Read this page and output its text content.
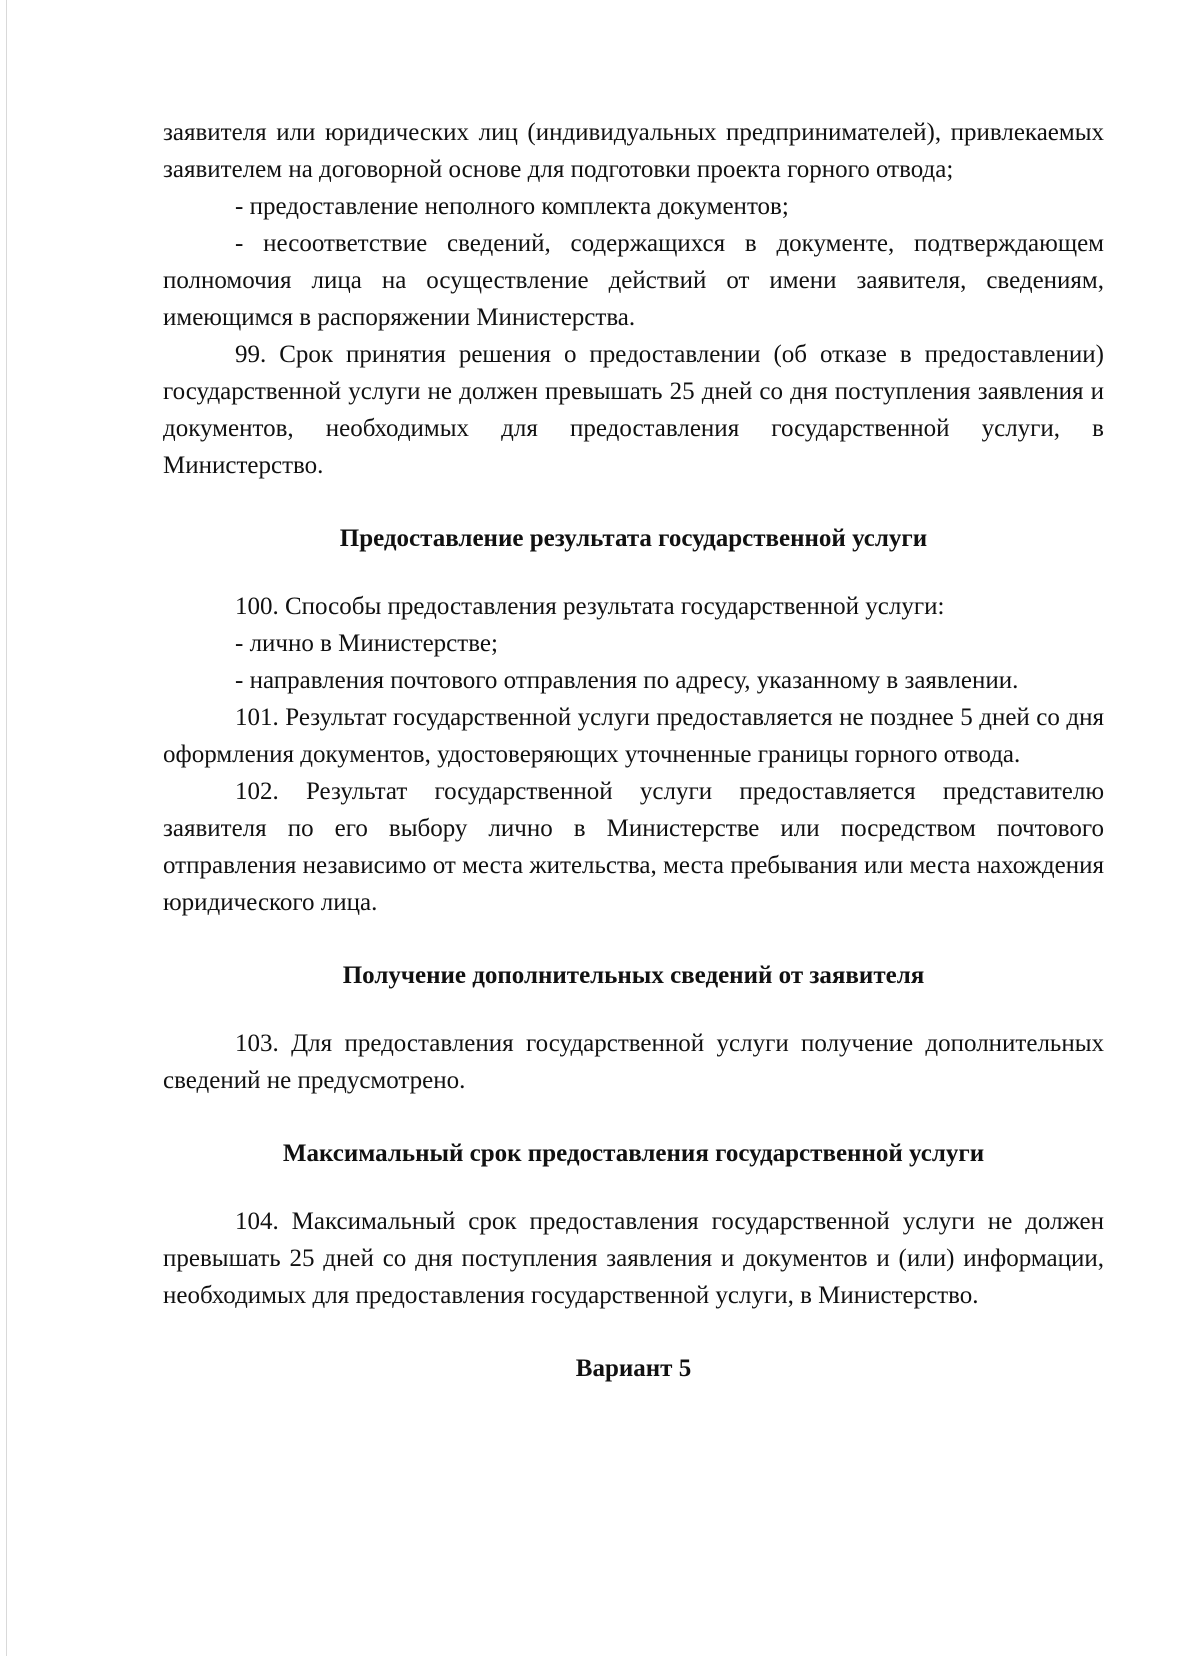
заявителя или юридических лиц (индивидуальных предпринимателей), привлекаемых заявителем на договорной основе для подготовки проекта горного отвода;

- предоставление неполного комплекта документов;

- несоответствие сведений, содержащихся в документе, подтверждающем полномочия лица на осуществление действий от имени заявителя, сведениям, имеющимся в распоряжении Министерства.

99. Срок принятия решения о предоставлении (об отказе в предоставлении) государственной услуги не должен превышать 25 дней со дня поступления заявления и документов, необходимых для предоставления государственной услуги, в Министерство.

Предоставление результата государственной услуги

100. Способы предоставления результата государственной услуги:

- лично в Министерстве;

- направления почтового отправления по адресу, указанному в заявлении.

101. Результат государственной услуги предоставляется не позднее 5 дней со дня оформления документов, удостоверяющих уточненные границы горного отвода.

102. Результат государственной услуги предоставляется представителю заявителя по его выбору лично в Министерстве или посредством почтового отправления независимо от места жительства, места пребывания или места нахождения юридического лица.

Получение дополнительных сведений от заявителя

103. Для предоставления государственной услуги получение дополнительных сведений не предусмотрено.

Максимальный срок предоставления государственной услуги

104. Максимальный срок предоставления государственной услуги не должен превышать 25 дней со дня поступления заявления и документов и (или) информации, необходимых для предоставления государственной услуги, в Министерство.

Вариант 5
